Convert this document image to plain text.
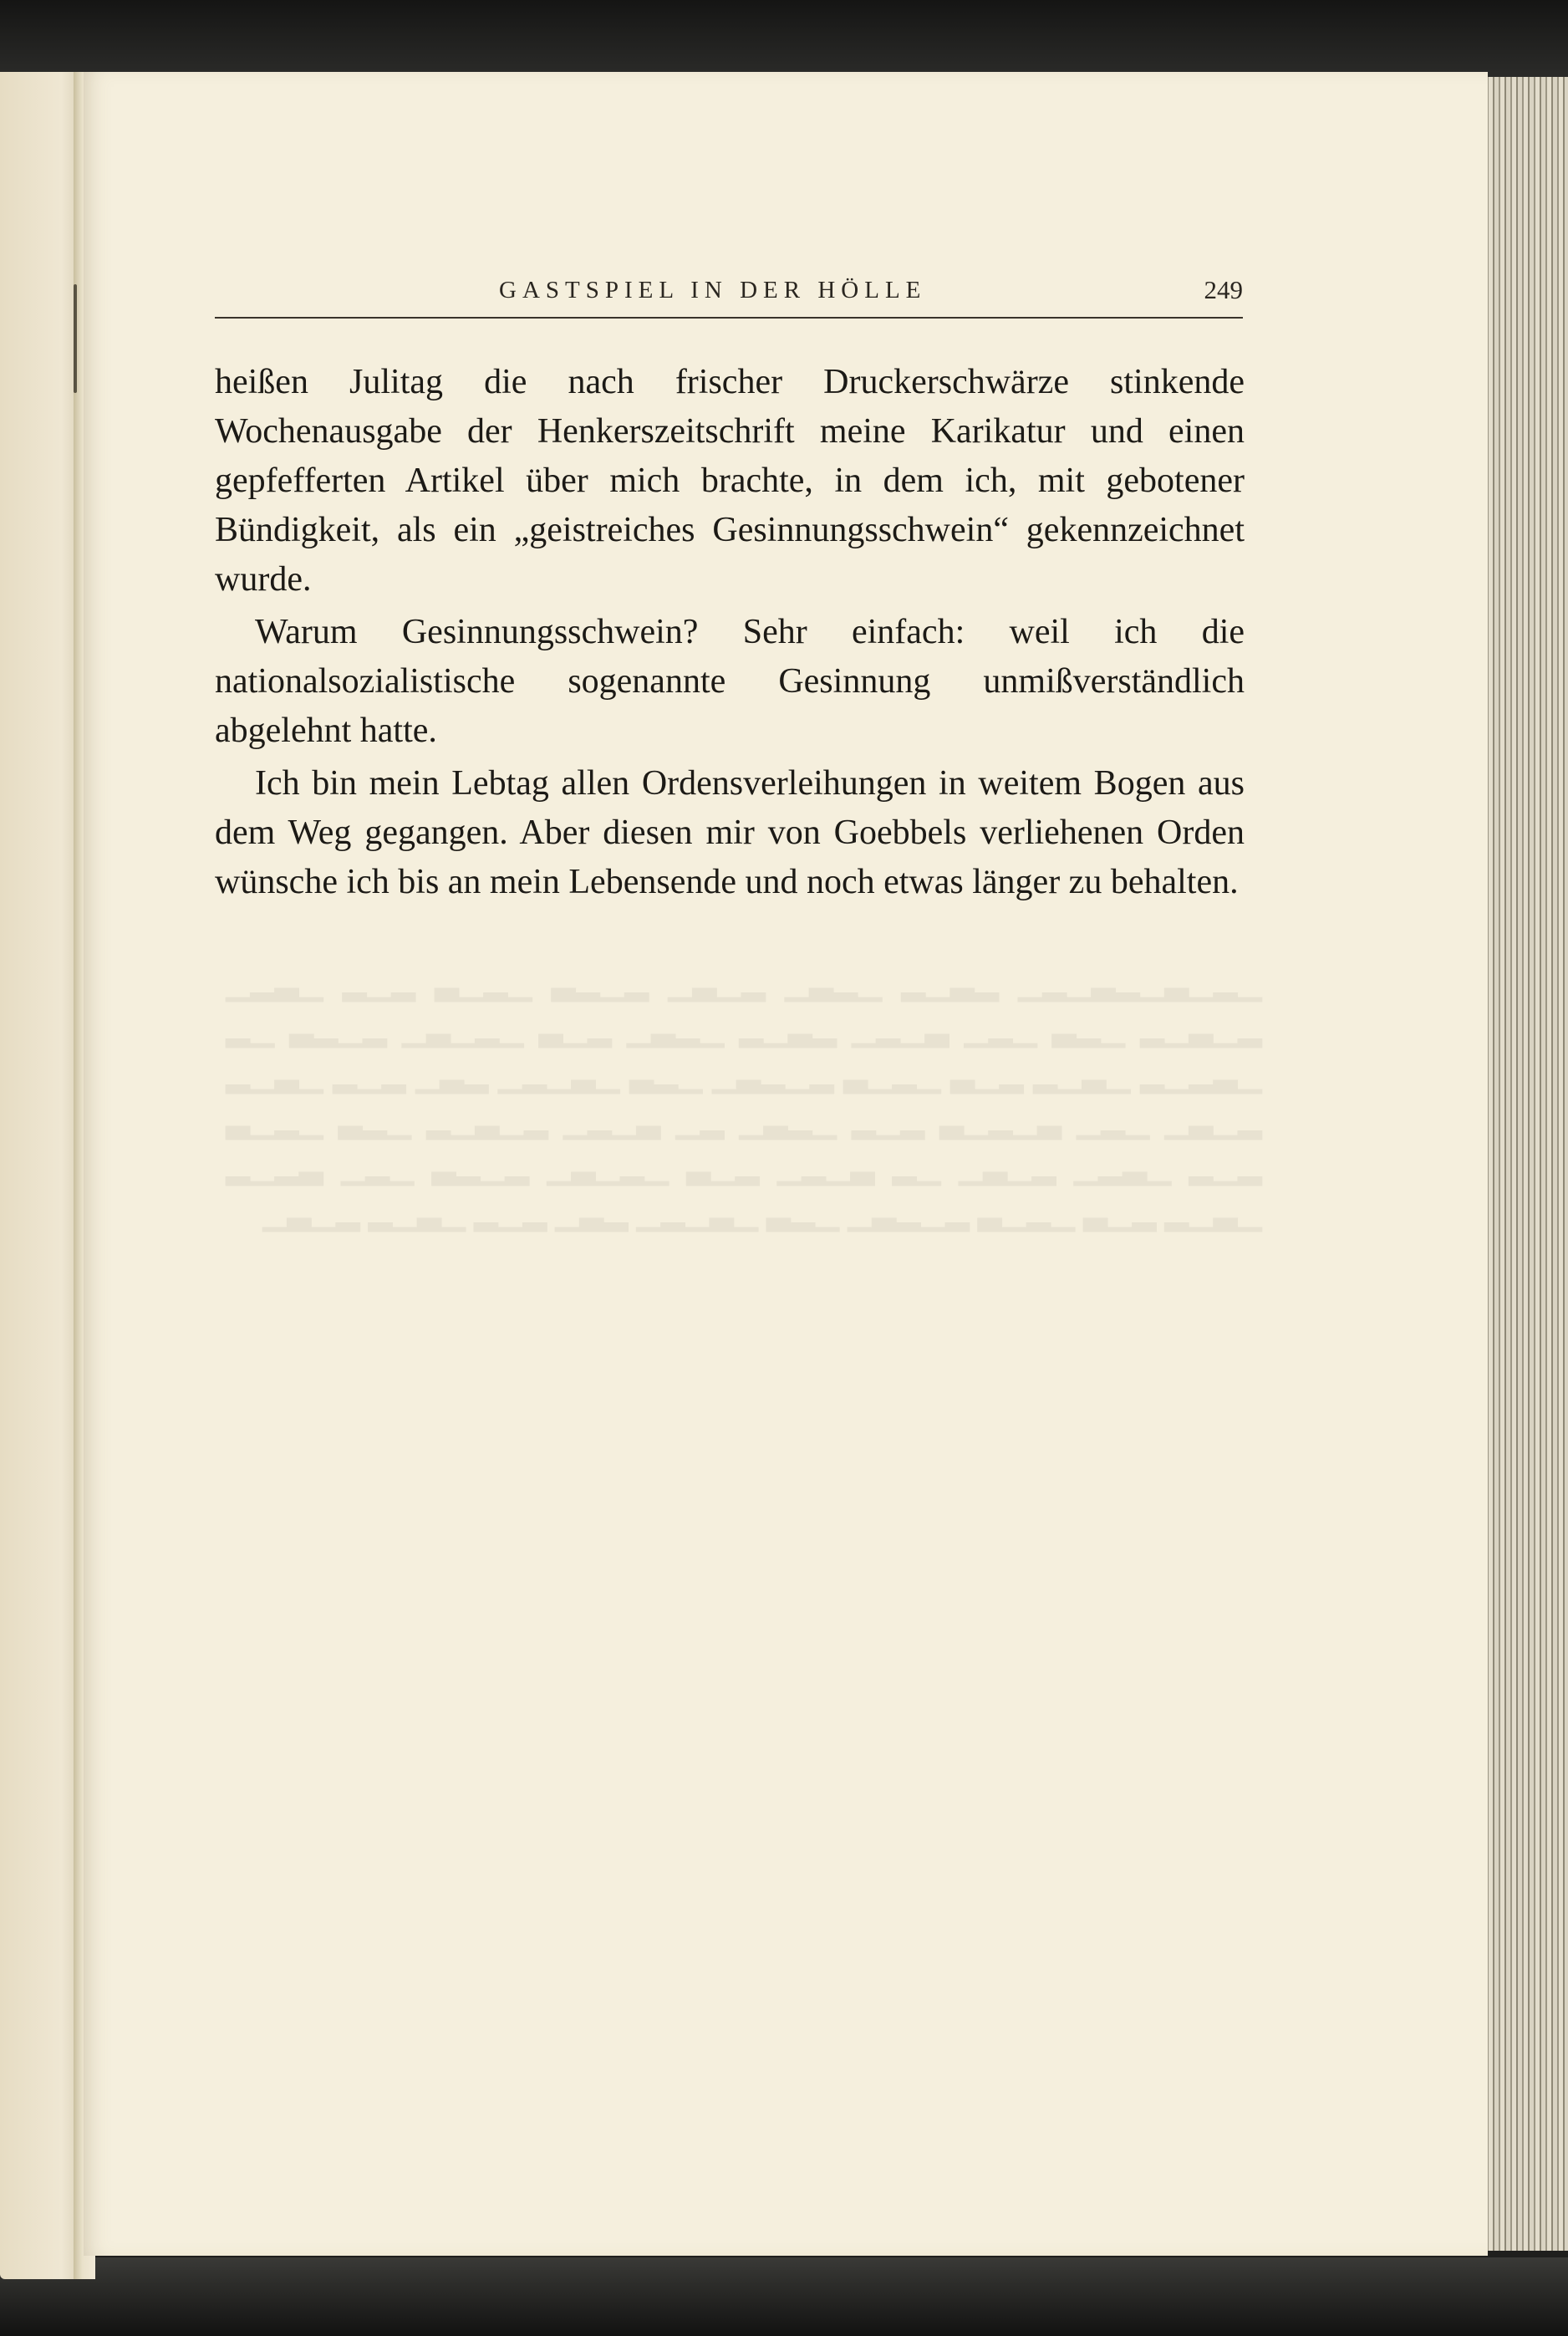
GASTSPIEL IN DER HÖLLE	249

heißen Julitag die nach frischer Druckerschwärze stinkende Wochenausgabe der Henkerszeitschrift meine Karikatur und einen gepfefferten Artikel über mich brachte, in dem ich, mit gebotener Bündigkeit, als ein „geistreiches Gesinnungsschwein“ gekennzeichnet wurde.

Warum Gesinnungsschwein? Sehr einfach: weil ich die nationalsozialistische sogenannte Gesinnung unmißverständlich abgelehnt hatte.

Ich bin mein Lebtag allen Ordensverleihungen in weitem Bogen aus dem Weg gegangen. Aber diesen mir von Goebbels verliehenen Orden wünsche ich bis an mein Lebensende und noch etwas länger zu behalten.

▁▂▁▃▁▂▃▁▂▁ ▂▃▁▂ ▁▂▃▁ ▂▁▃▁ ▂▁▂▃ ▁▂▁▃ ▂▁▂ ▁▃▂▁ ▂▁▃▁▂ ▁▂▃ ▁▂▁ ▃▁▂▁ ▂▃▁▂ ▁▂▃▁ ▂▁▃ ▁▂▁▃▁ ▂▁▂▃ ▁▂ ▁▃▂▁▂ ▁▃▁▂ ▂▁▃ ▁▂▁▃ ▂▁▂▃▁ ▁▂▃ ▁▃▁▂▁ ▂▃▁ ▂▁▂ ▁▃▁▂ ▂▁▃▁ ▁▂▁ ▃▁▂▁▃ ▂▁▂ ▁▂▃▁ ▂▁ ▃▁▂▁ ▂▁▃▁▂ ▁▂▃ ▁▂▁▃ ▂▁▂ ▁▃▂▁ ▂▁▃▁ ▁▂ ▃▁▂▁ ▂▁▃ ▁▂▁▃▁ ▂▁▂▃ ▁▂▁ ▃▂▁▂ ▁▃▁▂ ▂▁▃ ▁▂▁▃ ▂▁▂▃▁ ▁▂▃ ▁▃▁▂▁ ▂▃▁ ▂▁▂ ▁▃▁▂ ▂▁▃▁
